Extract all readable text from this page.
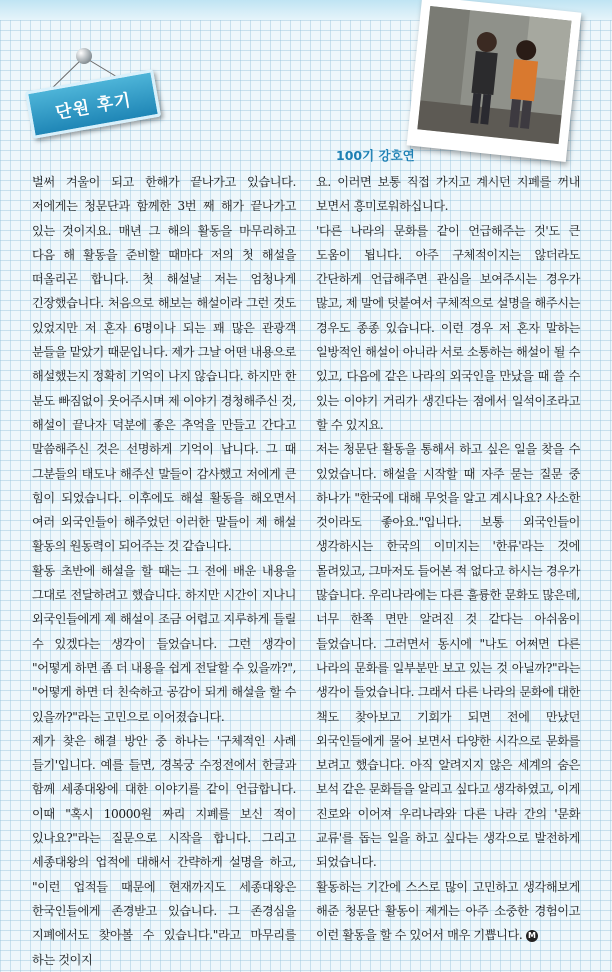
단원 후기
100기 강호연

벌써 겨울이 되고 한해가 끝나가고 있습니다. 저에게는 청문단과 함께한 3번 째 해가 끝나가고 있는 것이지요. 매년 그 해의 활동을 마무리하고 다음 해 활동을 준비할 때마다 저의 첫 해설을 떠올리곤 합니다. 첫 해설날 저는 엄청나게 긴장했습니다. 처음으로 해보는 해설이라 그런 것도 있었지만 저 혼자 6명이나 되는 꽤 많은 관광객 분들을 맡았기 때문입니다. 제가 그날 어떤 내용으로 해설했는지 정확히 기억이 나지 않습니다. 하지만 한 분도 빠짐없이 웃어주시며 제 이야기 경청해주신 것, 해설이 끝나자 덕분에 좋은 추억을 만들고 간다고 말씀해주신 것은 선명하게 기억이 납니다. 그 때 그분들의 태도나 해주신 말들이 감사했고 저에게 큰 힘이 되었습니다. 이후에도 해설 활동을 해오면서 여러 외국인들이 해주었던 이러한 말들이 제 해설 활동의 원동력이 되어주는 것 같습니다.

활동 초반에 해설을 할 때는 그 전에 배운 내용을 그대로 전달하려고 했습니다. 하지만 시간이 지나니 외국인들에게 제 해설이 조금 어렵고 지루하게 들릴 수 있겠다는 생각이 들었습니다. 그런 생각이 "어떻게 하면 좀 더 내용을 쉽게 전달할 수 있을까?", "어떻게 하면 더 친숙하고 공감이 되게 해설을 할 수 있을까?"라는 고민으로 이어졌습니다.

제가 찾은 해결 방안 중 하나는 '구체적인 사례 들기'입니다. 예를 들면, 경복궁 수정전에서 한글과 함께 세종대왕에 대한 이야기를 같이 언급합니다. 이때 "혹시 10000원 짜리 지폐를 보신 적이 있나요?"라는 질문으로 시작을 합니다. 그리고 세종대왕의 업적에 대해서 간략하게 설명을 하고, "이런 업적들 때문에 현재까지도 세종대왕은 한국인들에게 존경받고 있습니다. 그 존경심을 지폐에서도 찾아볼 수 있습니다."라고 마무리를 하는 것이지

요. 이러면 보통 직접 가지고 계시던 지폐를 꺼내 보면서 흥미로워하십니다.

'다른 나라의 문화를 같이 언급해주는 것'도 큰 도움이 됩니다. 아주 구체적이지는 않더라도 간단하게 언급해주면 관심을 보여주시는 경우가 많고, 제 말에 덧붙여서 구체적으로 설명을 해주시는 경우도 종종 있습니다. 이런 경우 저 혼자 말하는 일방적인 해설이 아니라 서로 소통하는 해설이 될 수 있고, 다음에 같은 나라의 외국인을 만났을 때 쓸 수 있는 이야기 거리가 생긴다는 점에서 일석이조라고 할 수 있지요.

저는 청문단 활동을 통해서 하고 싶은 일을 찾을 수 있었습니다. 해설을 시작할 때 자주 묻는 질문 중 하나가 "한국에 대해 무엇을 알고 계시나요? 사소한 것이라도 좋아요."입니다. 보통 외국인들이 생각하시는 한국의 이미지는 '한류'라는 것에 몰려있고, 그마저도 들어본 적 없다고 하시는 경우가 많습니다. 우리나라에는 다른 훌륭한 문화도 많은데, 너무 한쪽 면만 알려진 것 같다는 아쉬움이 들었습니다. 그러면서 동시에 "나도 어쩌면 다른 나라의 문화를 일부분만 보고 있는 것 아닐까?"라는 생각이 들었습니다. 그래서 다른 나라의 문화에 대한 책도 찾아보고 기회가 되면 전에 만났던 외국인들에게 물어 보면서 다양한 시각으로 문화를 보려고 했습니다. 아직 알려지지 않은 세계의 숨은 보석 같은 문화들을 알리고 싶다고 생각하였고, 이게 진로와 이어져 우리나라와 다른 나라 간의 '문화 교류'를 돕는 일을 하고 싶다는 생각으로 발전하게 되었습니다.

활동하는 기간에 스스로 많이 고민하고 생각해보게 해준 청문단 활동이 제게는 아주 소중한 경험이고 이런 활동을 할 수 있어서 매우 기쁩니다. M
